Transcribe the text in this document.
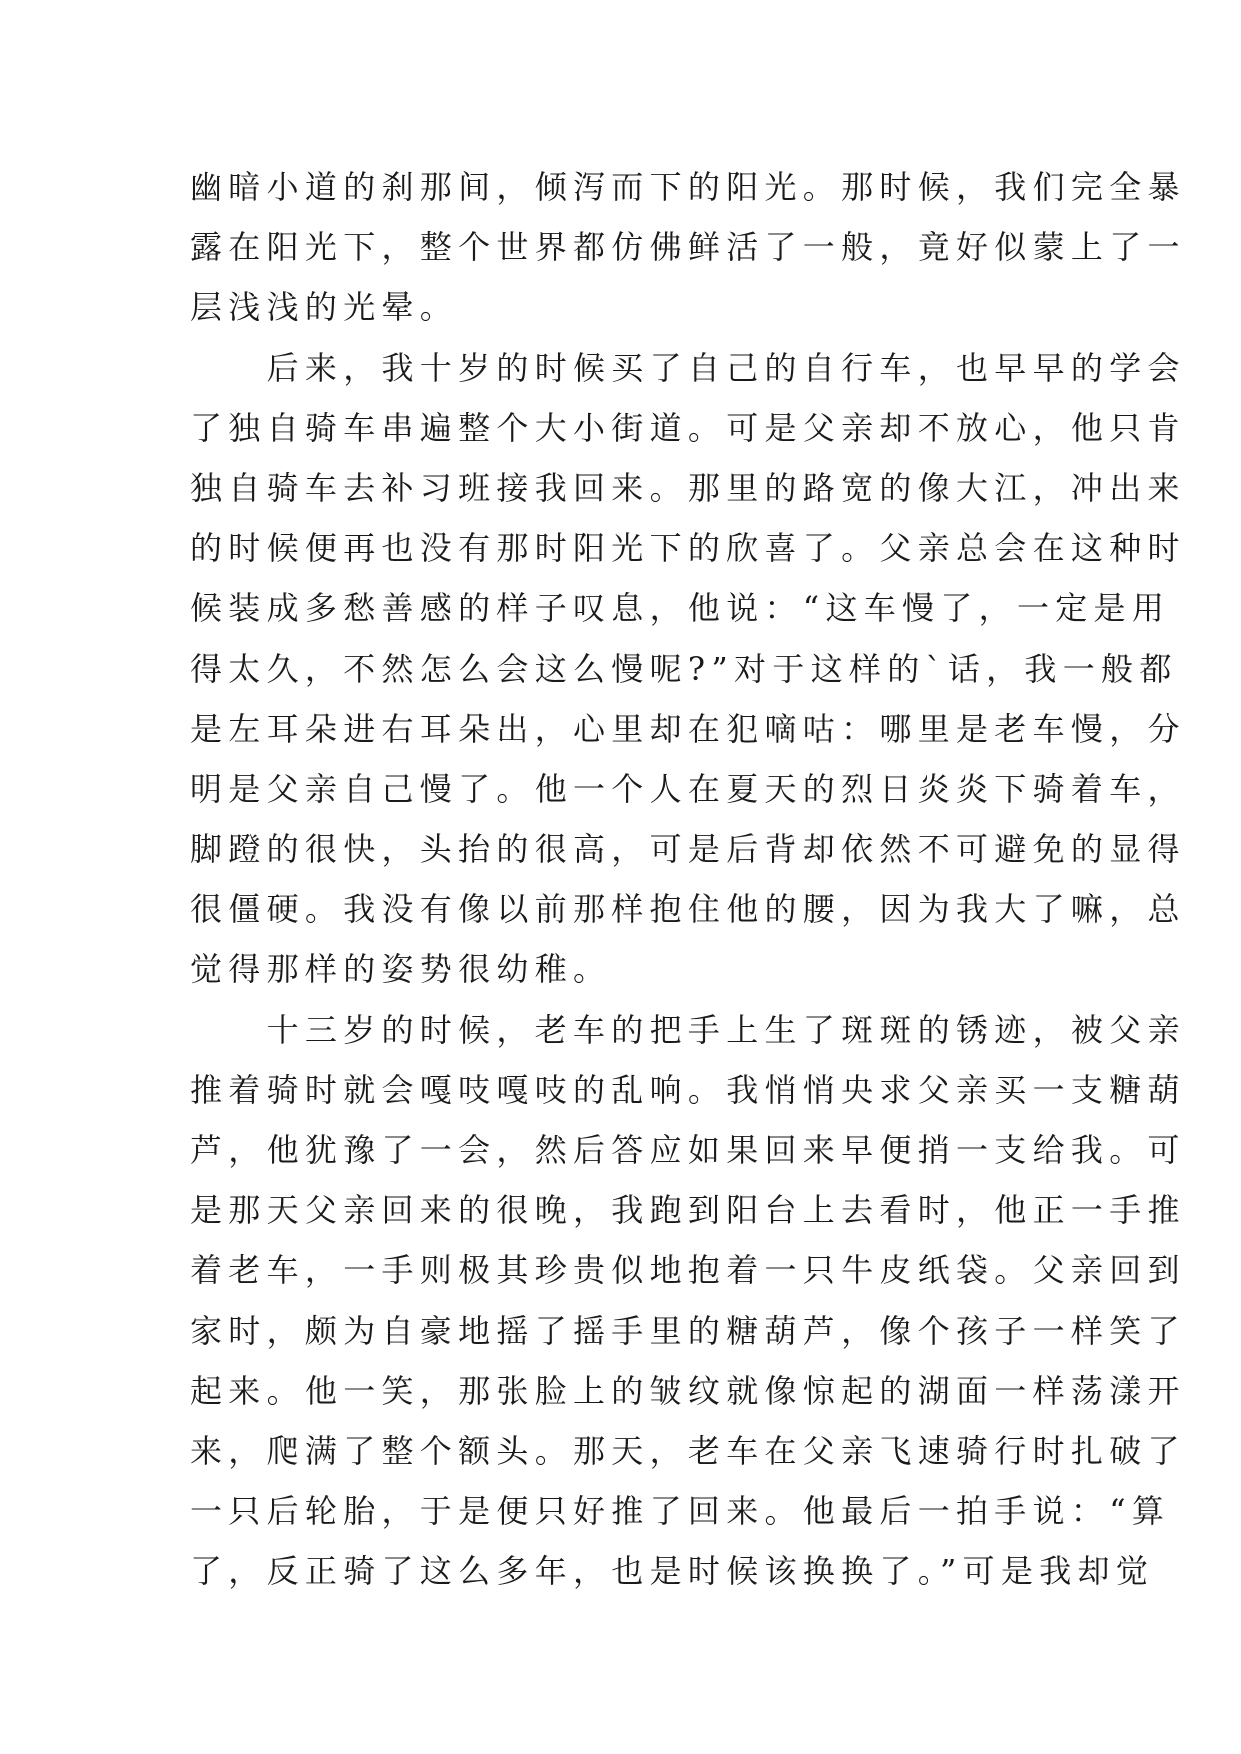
幽暗小道的刹那间，倾泻而下的阳光。那时候，我们完全暴
露在阳光下，整个世界都仿佛鲜活了一般，竟好似蒙上了一
层浅浅的光晕。
　　后来，我十岁的时候买了自己的自行车，也早早的学会
了独自骑车串遍整个大小街道。可是父亲却不放心，他只肯
独自骑车去补习班接我回来。那里的路宽的像大江，冲出来
的时候便再也没有那时阳光下的欣喜了。父亲总会在这种时
候装成多愁善感的样子叹息，他说：“这车慢了，一定是用
得太久，不然怎么会这么慢呢?”对于这样的`话，我一般都
是左耳朵进右耳朵出，心里却在犯嘀咕：哪里是老车慢，分
明是父亲自己慢了。他一个人在夏天的烈日炎炎下骑着车，
脚蹬的很快，头抬的很高，可是后背却依然不可避免的显得
很僵硬。我没有像以前那样抱住他的腰，因为我大了嘛，总
觉得那样的姿势很幼稚。
　　十三岁的时候，老车的把手上生了斑斑的锈迹，被父亲
推着骑时就会嘎吱嘎吱的乱响。我悄悄央求父亲买一支糖葫
芦，他犹豫了一会，然后答应如果回来早便捎一支给我。可
是那天父亲回来的很晚，我跑到阳台上去看时，他正一手推
着老车，一手则极其珍贵似地抱着一只牛皮纸袋。父亲回到
家时，颇为自豪地摇了摇手里的糖葫芦，像个孩子一样笑了
起来。他一笑，那张脸上的皱纹就像惊起的湖面一样荡漾开
来，爬满了整个额头。那天，老车在父亲飞速骑行时扎破了
一只后轮胎，于是便只好推了回来。他最后一拍手说：“算
了，反正骑了这么多年，也是时候该换换了。”可是我却觉
